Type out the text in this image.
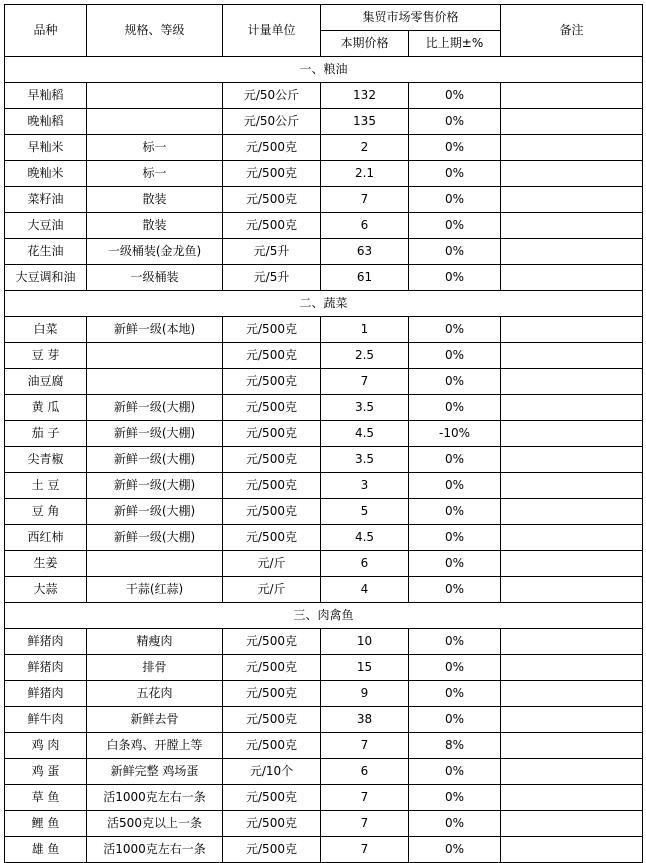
品种	规格、等级	计量单位	集贸市场零售价格		备注
			本期价格	比上期±%	
一、粮油					
早籼稻		元/50公斤	132	0%	
晚籼稻		元/50公斤	135	0%	
早籼米	标一	元/500克	2	0%	
晚籼米	标一	元/500克	2.1	0%	
菜籽油	散装	元/500克	7	0%	
大豆油	散装	元/500克	6	0%	
花生油	一级桶装(金龙鱼)	元/5升	63	0%	
大豆调和油	一级桶装	元/5升	61	0%	
二、蔬菜					
白菜	新鲜一级(本地)	元/500克	1	0%	
豆 芽		元/500克	2.5	0%	
油豆腐		元/500克	7	0%	
黄 瓜	新鲜一级(大棚)	元/500克	3.5	0%	
茄 子	新鲜一级(大棚)	元/500克	4.5	-10%	
尖青椒	新鲜一级(大棚)	元/500克	3.5	0%	
土 豆	新鲜一级(大棚)	元/500克	3	0%	
豆 角	新鲜一级(大棚)	元/500克	5	0%	
西红柿	新鲜一级(大棚)	元/500克	4.5	0%	
生姜		元/斤	6	0%	
大蒜	干蒜(红蒜)	元/斤	4	0%	
三、肉禽鱼					
鲜猪肉	精瘦肉	元/500克	10	0%	
鲜猪肉	排骨	元/500克	15	0%	
鲜猪肉	五花肉	元/500克	9	0%	
鲜牛肉	新鲜去骨	元/500克	38	0%	
鸡 肉	白条鸡、开膛上等	元/500克	7	8%	
鸡 蛋	新鲜完整 鸡场蛋	元/10个	6	0%	
草 鱼	活1000克左右一条	元/500克	7	0%	
鲤 鱼	活500克以上一条	元/500克	7	0%	
雄 鱼	活1000克左右一条	元/500克	7	0%	
